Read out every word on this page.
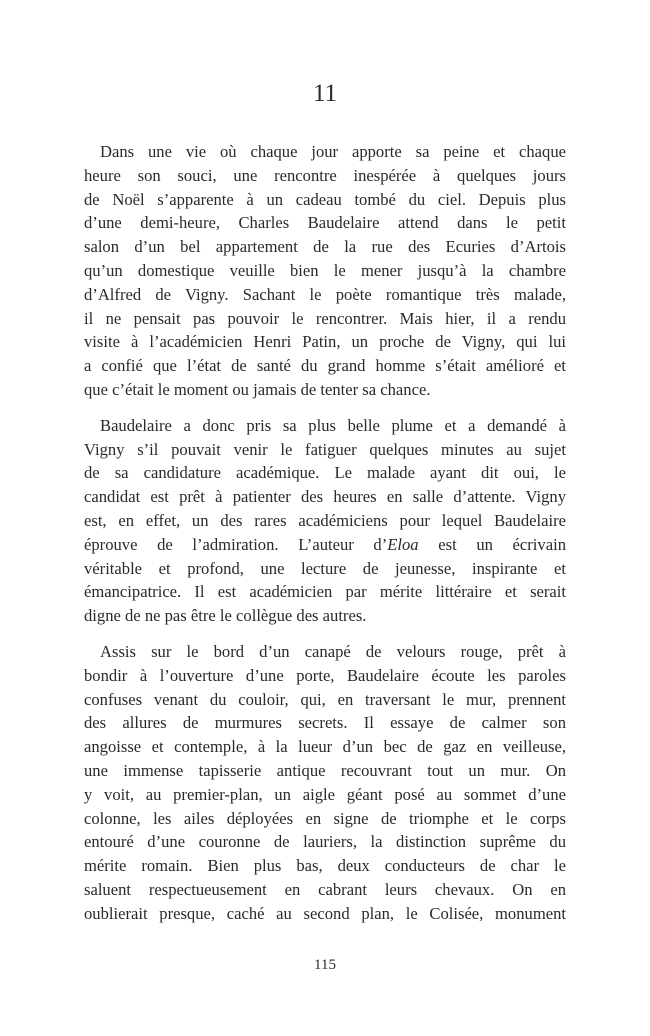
11
Dans une vie où chaque jour apporte sa peine et chaque
heure son souci, une rencontre inespérée à quelques jours
de Noël s’apparente à un cadeau tombé du ciel. Depuis plus
d’une demi-heure, Charles Baudelaire attend dans le petit
salon d’un bel appartement de la rue des Ecuries d’Artois
qu’un domestique veuille bien le mener jusqu’à la chambre
d’Alfred de Vigny. Sachant le poète romantique très malade,
il ne pensait pas pouvoir le rencontrer. Mais hier, il a rendu
visite à l’académicien Henri Patin, un proche de Vigny, qui lui
a confié que l’état de santé du grand homme s’était amélioré et
que c’était le moment ou jamais de tenter sa chance.
Baudelaire a donc pris sa plus belle plume et a demandé à
Vigny s’il pouvait venir le fatiguer quelques minutes au sujet
de sa candidature académique. Le malade ayant dit oui, le
candidat est prêt à patienter des heures en salle d’attente. Vigny
est, en effet, un des rares académiciens pour lequel Baudelaire
éprouve de l’admiration. L’auteur d’Eloa est un écrivain
véritable et profond, une lecture de jeunesse, inspirante et
émancipatrice. Il est académicien par mérite littéraire et serait
digne de ne pas être le collègue des autres.
Assis sur le bord d’un canapé de velours rouge, prêt à
bondir à l’ouverture d’une porte, Baudelaire écoute les paroles
confuses venant du couloir, qui, en traversant le mur, prennent
des allures de murmures secrets. Il essaye de calmer son
angoisse et contemple, à la lueur d’un bec de gaz en veilleuse,
une immense tapisserie antique recouvrant tout un mur. On
y voit, au premier-plan, un aigle géant posé au sommet d’une
colonne, les ailes déployées en signe de triomphe et le corps
entouré d’une couronne de lauriers, la distinction suprême du
mérite romain. Bien plus bas, deux conducteurs de char le
saluent respectueusement en cabrant leurs chevaux. On en
oublierait presque, caché au second plan, le Colisée, monument
115
